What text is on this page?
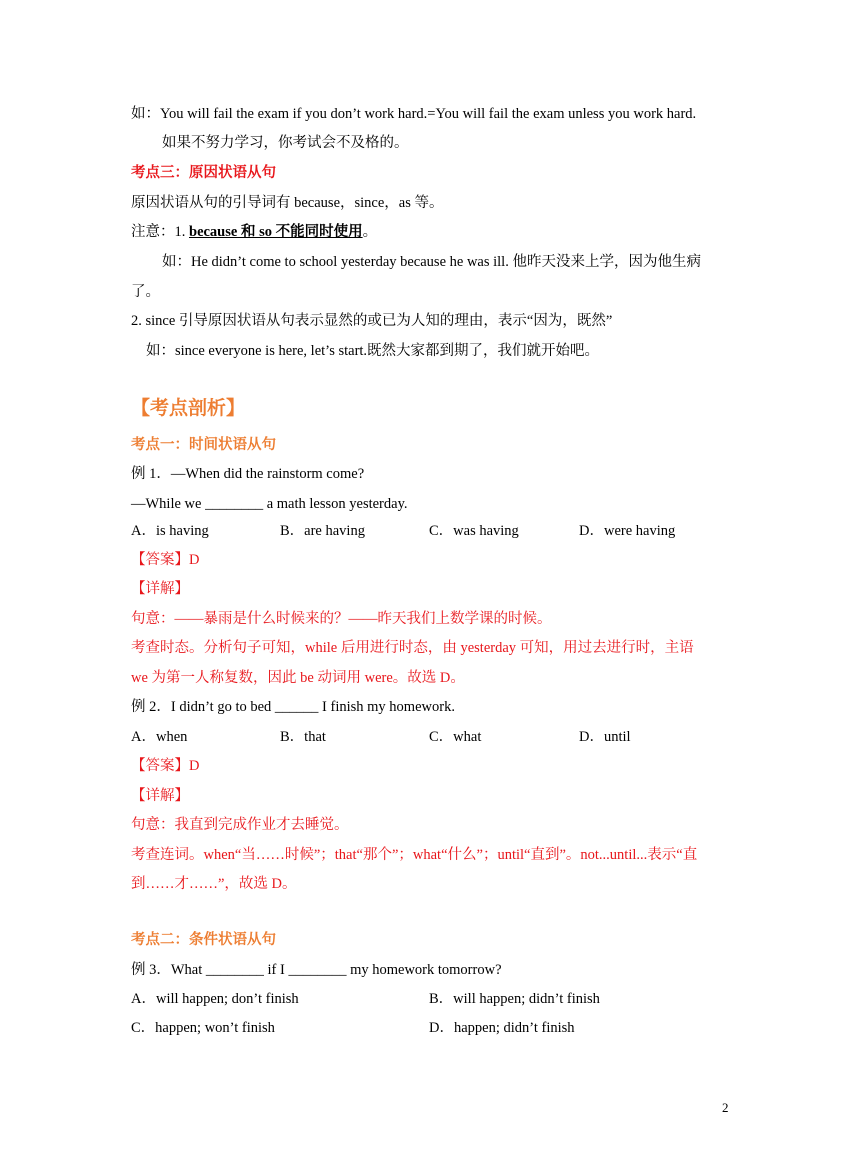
如：You will fail the exam if you don’t work hard.=You will fail the exam unless you work hard.
如果不努力学习，你考试会不及格的。
考点三：原因状语从句
原因状语从句的引导词有 because，since，as 等。
注意：1. because 和 so 不能同时使用。
如：He didn’t come to school yesterday because he was ill. 他昨天没来上学，因为他生病
了。
2. since 引导原因状语从句表示显然的或已为人知的理由，表示“因为，既然”
如：since everyone is here, let’s start.既然大家都到期了，我们就开始吧。
【考点剖析】
考点一：时间状语从句
例 1．—When did the rainstorm come?
—While we ________ a math lesson yesterday.
A．is having	B．are having	C．was having	D．were having
【答案】D
【详解】
句意：——暴雨是什么时候来的？——昨天我们上数学课的时候。
考查时态。分析句子可知，while 后用进行时态，由 yesterday 可知，用过去进行时，主语
we 为第一人称复数，因此 be 动词用 were。故选 D。
例 2．I didn’t go to bed ______ I finish my homework.
A．when	B．that	C．what	D．until
【答案】D
【详解】
句意：我直到完成作业才去睡觉。
考查连词。when“当……时候”；that“那个”；what“什么”；until“直到”。not...until...表示“直
到……才……”，故选 D。
考点二：条件状语从句
例 3．What ________ if I ________ my homework tomorrow?
A．will happen; don’t finish	B．will happen; didn’t finish
C．happen; won’t finish	D．happen; didn’t finish
2
